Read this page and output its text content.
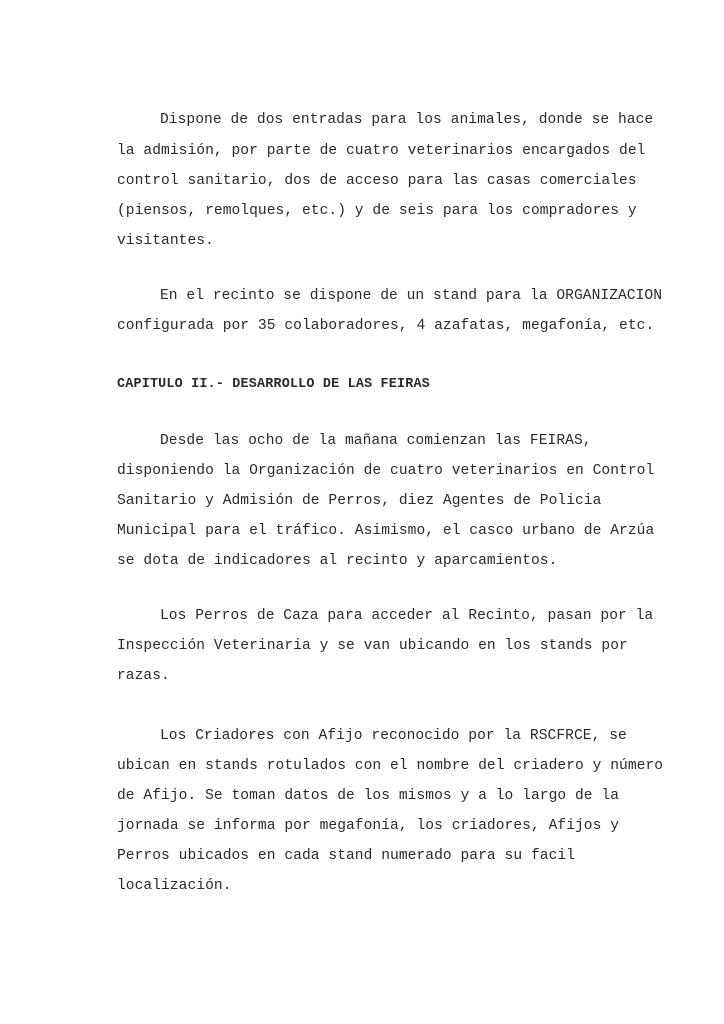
Dispone de dos entradas para los animales, donde se hace
la admisión, por parte de cuatro veterinarios encargados del
control sanitario, dos de acceso para las casas comerciales
(piensos, remolques, etc.) y de seis para los compradores y
visitantes.
En el recinto se dispone de un stand para la ORGANIZACION
configurada por 35 colaboradores, 4 azafatas, megafonía, etc.
CAPITULO II.- DESARROLLO DE LAS FEIRAS
Desde las ocho de la mañana comienzan las FEIRAS,
disponiendo la Organización de cuatro veterinarios en Control
Sanitario y Admisión de Perros, diez Agentes de Policia
Municipal para el tráfico. Asimismo, el casco urbano de Arzúa
se dota de indicadores al recinto y aparcamientos.
Los Perros de Caza para acceder al Recinto, pasan por la
Inspección Veterinaria y se van ubicando en los stands por
razas.
Los Criadores con Afijo reconocido por la RSCFRCE, se
ubican en stands rotulados con el nombre del criadero y número
de Afijo. Se toman datos de los mismos y a lo largo de la
jornada se informa por megafonía, los criadores, Afijos y
Perros ubicados en cada stand numerado para su facil
localización.
